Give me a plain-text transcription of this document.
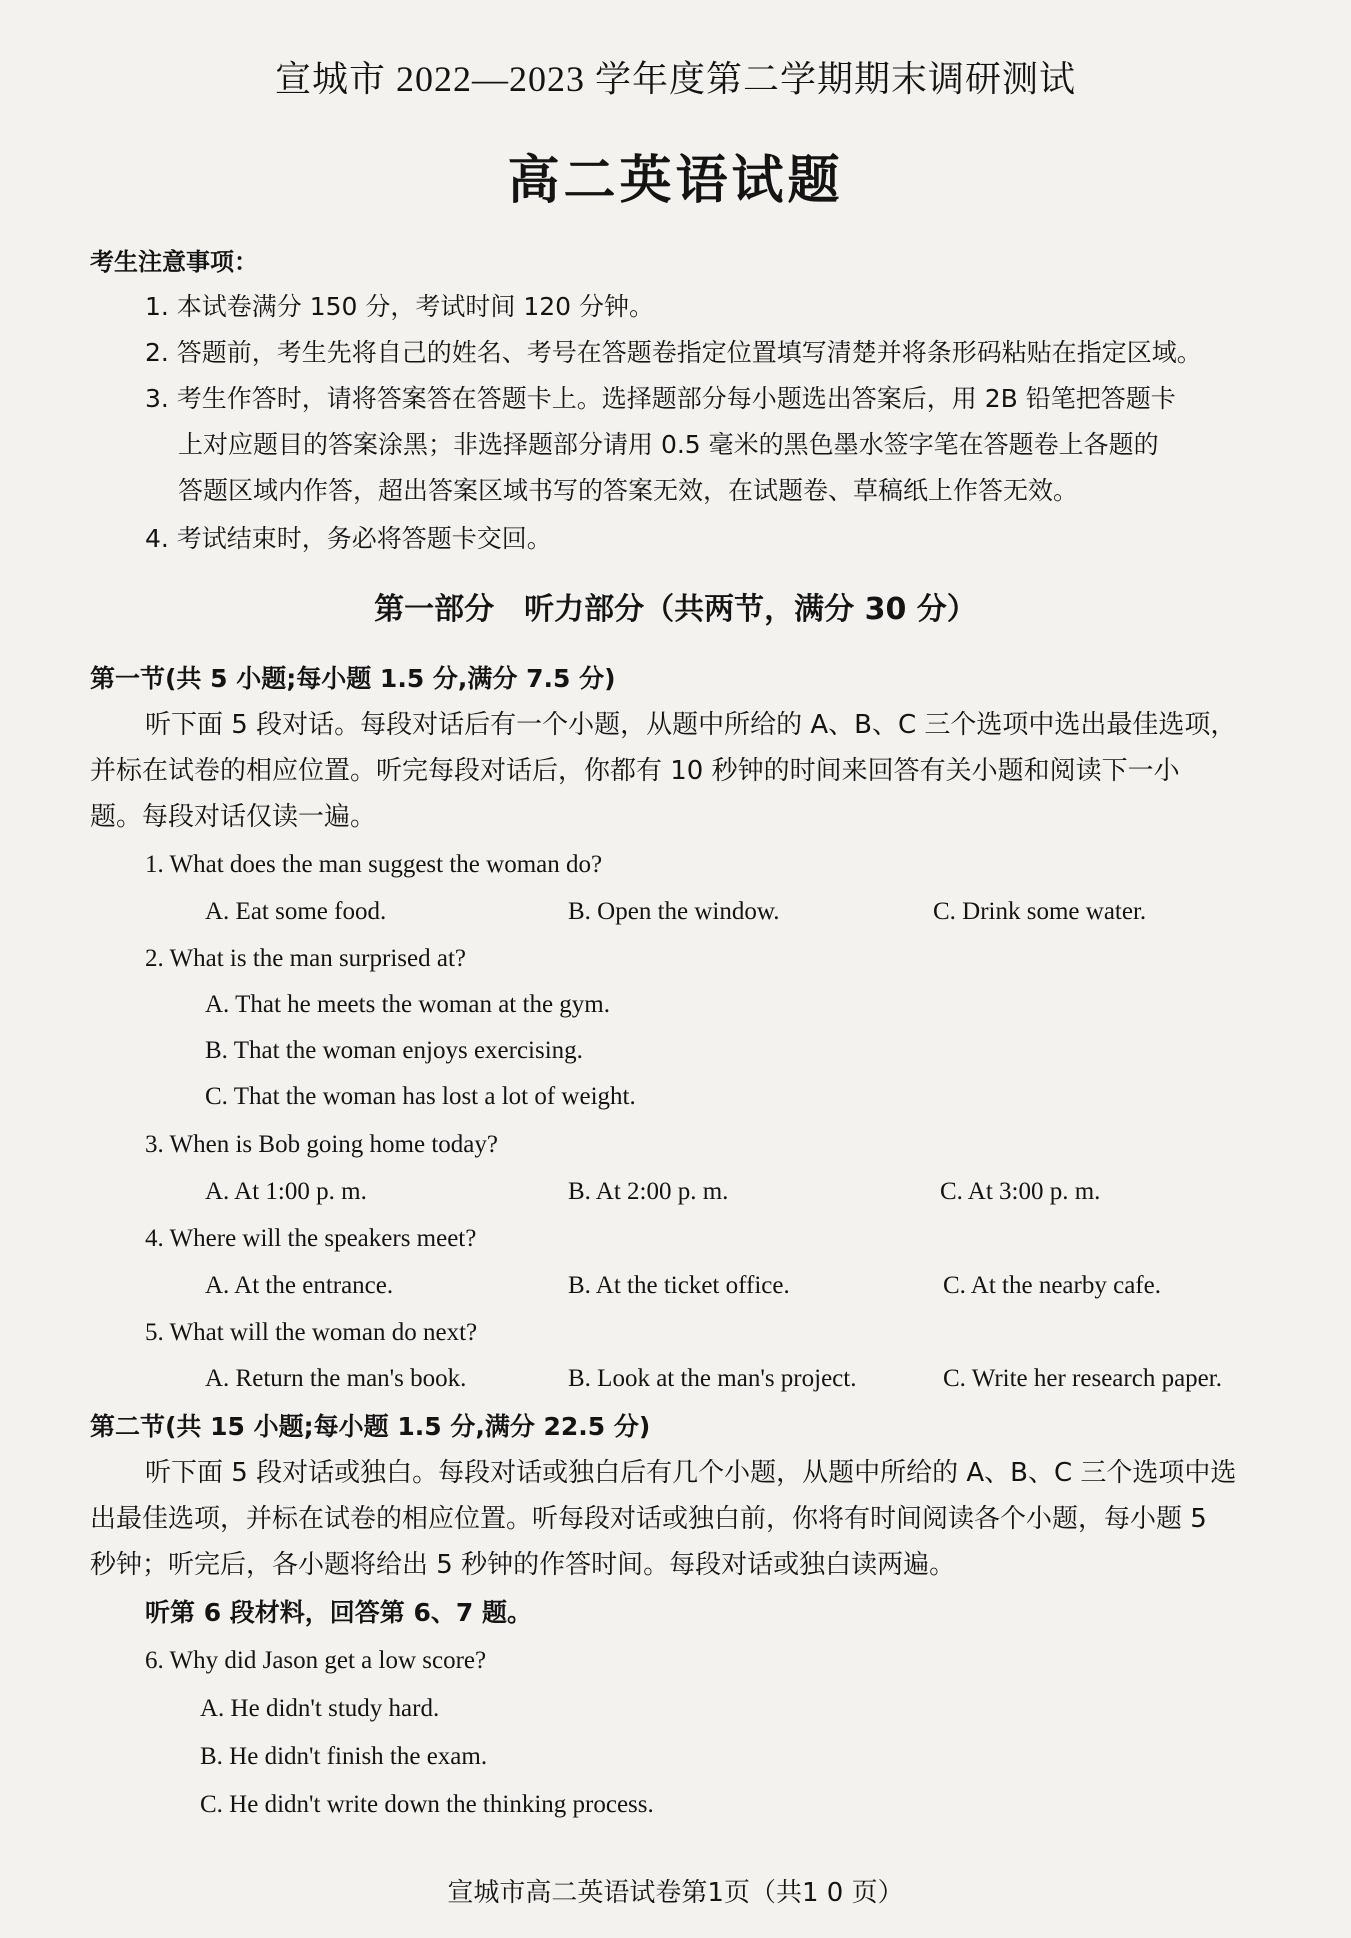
宣城市 2022—2023 学年度第二学期期末调研测试
高二英语试题
考生注意事项：
1. 本试卷满分 150 分，考试时间 120 分钟。
2. 答题前，考生先将自己的姓名、考号在答题卷指定位置填写清楚并将条形码粘贴在指定区域。
3. 考生作答时，请将答案答在答题卡上。选择题部分每小题选出答案后，用 2B 铅笔把答题卡
上对应题目的答案涂黑；非选择题部分请用 0.5 毫米的黑色墨水签字笔在答题卷上各题的
答题区域内作答，超出答案区域书写的答案无效，在试题卷、草稿纸上作答无效。
4. 考试结束时，务必将答题卡交回。
第一部分　听力部分（共两节，满分 30 分）
第一节(共 5 小题;每小题 1.5 分,满分 7.5 分)
听下面 5 段对话。每段对话后有一个小题，从题中所给的 A、B、C 三个选项中选出最佳选项，
并标在试卷的相应位置。听完每段对话后，你都有 10 秒钟的时间来回答有关小题和阅读下一小
题。每段对话仅读一遍。
1. What does the man suggest the woman do?
A. Eat some food.	B. Open the window.	C. Drink some water.
2. What is the man surprised at?
A. That he meets the woman at the gym.
B. That the woman enjoys exercising.
C. That the woman has lost a lot of weight.
3. When is Bob going home today?
A. At 1:00 p. m.	B. At 2:00 p. m.	C. At 3:00 p. m.
4. Where will the speakers meet?
A. At the entrance.	B. At the ticket office.	C. At the nearby cafe.
5. What will the woman do next?
A. Return the man's book.	B. Look at the man's project.	C. Write her research paper.
第二节(共 15 小题;每小题 1.5 分,满分 22.5 分)
听下面 5 段对话或独白。每段对话或独白后有几个小题，从题中所给的 A、B、C 三个选项中选
出最佳选项，并标在试卷的相应位置。听每段对话或独白前，你将有时间阅读各个小题，每小题 5
秒钟；听完后，各小题将给出 5 秒钟的作答时间。每段对话或独白读两遍。
听第 6 段材料，回答第 6、7 题。
6. Why did Jason get a low score?
A. He didn't study hard.
B. He didn't finish the exam.
C. He didn't write down the thinking process.
宣城市高二英语试卷第1页（共1 0 页）
